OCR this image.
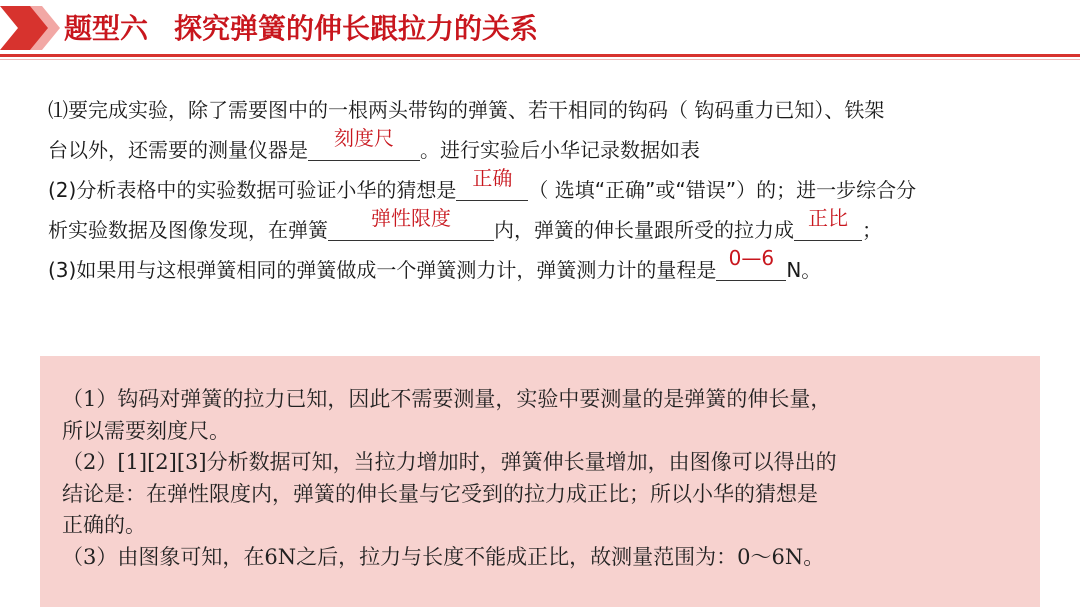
题型六 探究弹簧的伸长跟拉力的关系
⑴要完成实验，除了需要图中的一根两头带钩的弹簧、若干相同的钩码（ 钩码重力已知）、铁架
台以外，还需要的测量仪器是	刻度尺	。进行实验后小华记录数据如表
(2)分析表格中的实验数据可验证小华的猜想是 正确 （ 选填“正确”或“错误”）的；进一步综合分
析实验数据及图像发现，在弹簧	弹性限度	内，弹簧的伸长量跟所受的拉力成 正比 ；
(3)如果用与这根弹簧相同的弹簧做成一个弹簧测力计，弹簧测力计的量程是 0—6 N。

（1）钩码对弹簧的拉力已知，因此不需要测量，实验中要测量的是弹簧的伸长量，

所以需要刻度尺。

（2）[1][2][3]分析数据可知，当拉力增加时，弹簧伸长量增加，由图像可以得出的

结论是：在弹性限度内，弹簧的伸长量与它受到的拉力成正比；所以小华的猜想是

正确的。

（3）由图象可知，在6N之后，拉力与长度不能成正比，故测量范围为：0～6N。
